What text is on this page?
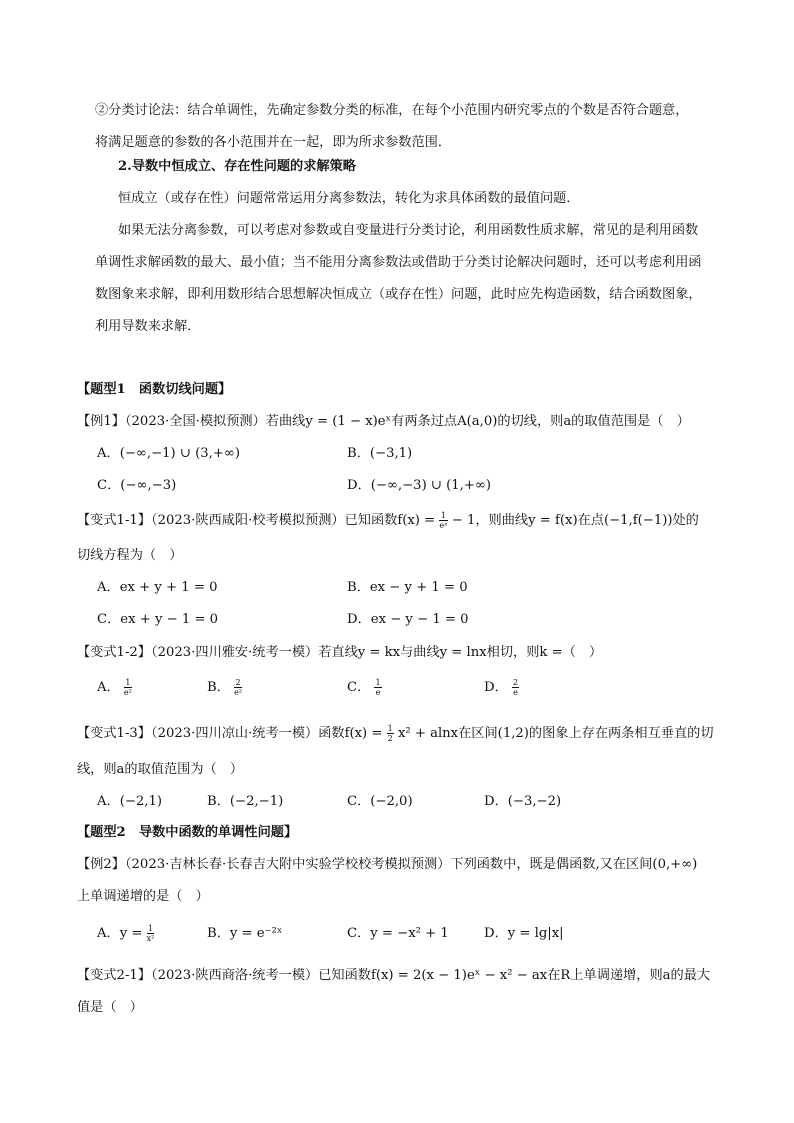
②分类讨论法：结合单调性，先确定参数分类的标准，在每个小范围内研究零点的个数是否符合题意，
将满足题意的参数的各小范围并在一起，即为所求参数范围．
2.导数中恒成立、存在性问题的求解策略
恒成立（或存在性）问题常常运用分离参数法，转化为求具体函数的最值问题．
如果无法分离参数，可以考虑对参数或自变量进行分类讨论，利用函数性质求解，常见的是利用函数
单调性求解函数的最大、最小值；当不能用分离参数法或借助于分类讨论解决问题时，还可以考虑利用函
数图象来求解，即利用数形结合思想解决恒成立（或存在性）问题，此时应先构造函数，结合函数图象，
利用导数来求解．
【题型1　函数切线问题】
【例1】（2023·全国·模拟预测）若曲线y = (1 − x)eˣ有两条过点A(a,0)的切线，则a的取值范围是（　）
A．(−∞,−1) ∪ (3,+∞)	B．(−3,1)
C．(−∞,−3)	D．(−∞,−3) ∪ (1,+∞)
【变式1-1】（2023·陕西咸阳·校考模拟预测）已知函数$f(x) = \frac{1}{\text{eˣ}} - 1$，则曲线y = f(x)在点(−1,f(−1))处的
切线方程为（　）
A．ex + y + 1 = 0	B．ex − y + 1 = 0
C．ex + y − 1 = 0	D．ex − y − 1 = 0
【变式1-2】（2023·四川雅安·统考一模）若直线y = kx与曲线y = lnx相切，则k =（　）
A． $\frac{1}{\text{e²}}$	B． $\frac{2}{\text{e²}}$	C． $\frac{1}{e}$	D． $\frac{2}{e}$
【变式1-3】（2023·四川凉山·统考一模）函数$f(x) = \frac{1}{2} x^2 + alnx$在区间(1,2)的图象上存在两条相互垂直的切
线，则a的取值范围为（　）
A．(−2,1)	B．(−2,−1)	C．(−2,0)	D．(−3,−2)
【题型2　导数中函数的单调性问题】
【例2】（2023·吉林长春·长春吉大附中实验学校校考模拟预测）下列函数中，既是偶函数,又在区间(0,+∞)
上单调递增的是（　）
A．$y = \frac{1}{\text{x²}}$	B．y = e⁻²ˣ	C．y = −x² + 1	D．y = lg|x|
【变式2-1】（2023·陕西商洛·统考一模）已知函数f(x) = 2(x − 1)eˣ − x² − ax在R上单调递增，则a的最大
值是（　）
